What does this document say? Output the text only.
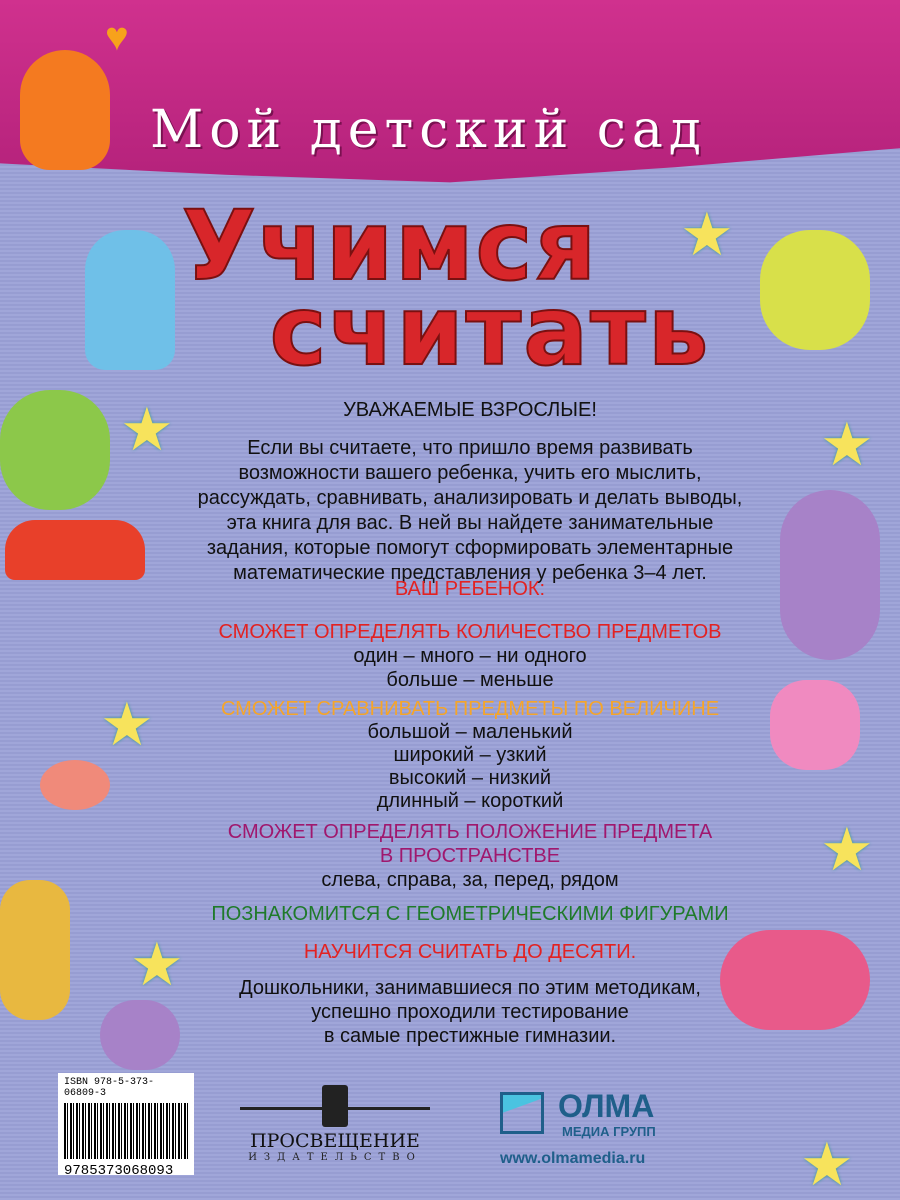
♥
Мой детский сад
Учимся
считать
★
★	★
★
★
★
★
УВАЖАЕМЫЕ ВЗРОСЛЫЕ!
Если вы считаете, что пришло время развивать
возможности вашего ребенка, учить его мыслить,
рассуждать, сравнивать, анализировать и делать выводы,
эта книга для вас. В ней вы найдете занимательные
задания, которые помогут сформировать элементарные
математические представления у ребенка 3–4 лет.
ВАШ РЕБЕНОК:
СМОЖЕТ ОПРЕДЕЛЯТЬ КОЛИЧЕСТВО ПРЕДМЕТОВ
один – много – ни одного
больше – меньше
СМОЖЕТ СРАВНИВАТЬ ПРЕДМЕТЫ ПО ВЕЛИЧИНЕ
большой – маленький
широкий – узкий
высокий – низкий
длинный – короткий
СМОЖЕТ ОПРЕДЕЛЯТЬ ПОЛОЖЕНИЕ ПРЕДМЕТА
В ПРОСТРАНСТВЕ
слева, справа, за, перед, рядом
ПОЗНАКОМИТСЯ С ГЕОМЕТРИЧЕСКИМИ ФИГУРАМИ
НАУЧИТСЯ СЧИТАТЬ ДО ДЕСЯТИ.
Дошкольники, занимавшиеся по этим методикам,
успешно проходили тестирование
в самые престижные гимназии.
ISBN 978-5-373-06809-3
9785373068093
ПРОСВЕЩЕНИЕ
ИЗДАТЕЛЬСТВО
ОЛМА
МЕДИА ГРУПП
www.olmamedia.ru
